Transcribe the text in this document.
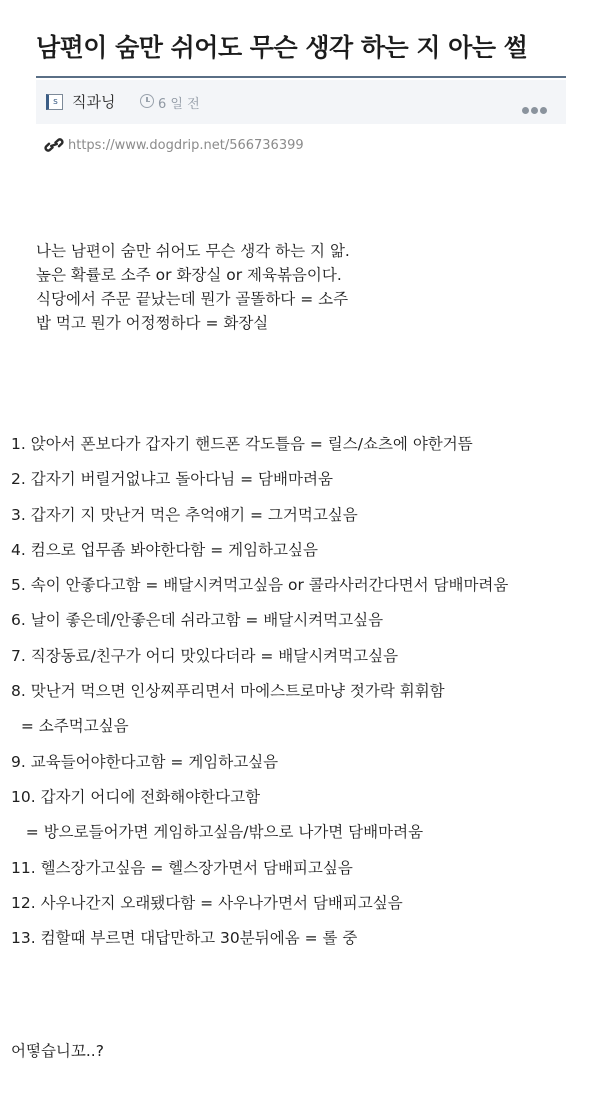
남편이 숨만 쉬어도 무슨 생각 하는 지 아는 썰
s 직과닝	6 일 전
https://www.dogdrip.net/566736399
나는 남편이 숨만 쉬어도 무슨 생각 하는 지 앎.
높은 확률로 소주 or 화장실 or 제육볶음이다.
식당에서 주문 끝났는데 뭔가 골똘하다 = 소주
밥 먹고 뭔가 어정쩡하다 = 화장실
1. 앉아서 폰보다가 갑자기 핸드폰 각도틀음 = 릴스/쇼츠에 야한거뜸
2. 갑자기 버릴거없냐고 돌아다님 = 담배마려움
3. 갑자기 지 맛난거 먹은 추억얘기 = 그거먹고싶음
4. 컴으로 업무좀 봐야한다함 = 게임하고싶음
5. 속이 안좋다고함 = 배달시켜먹고싶음 or 콜라사러간다면서 담배마려움
6. 날이 좋은데/안좋은데 쉬라고함 = 배달시켜먹고싶음
7. 직장동료/친구가 어디 맛있다더라 = 배달시켜먹고싶음
8. 맛난거 먹으면 인상찌푸리면서 마에스트로마냥 젓가락 휘휘함
= 소주먹고싶음
9. 교육들어야한다고함 = 게임하고싶음
10. 갑자기 어디에 전화해야한다고함
= 방으로들어가면 게임하고싶음/밖으로 나가면 담배마려움
11. 헬스장가고싶음 = 헬스장가면서 담배피고싶음
12. 사우나간지 오래됐다함 = 사우나가면서 담배피고싶음
13. 컴할때 부르면 대답만하고 30분뒤에옴 = 롤 중
어떻습니꼬..?
